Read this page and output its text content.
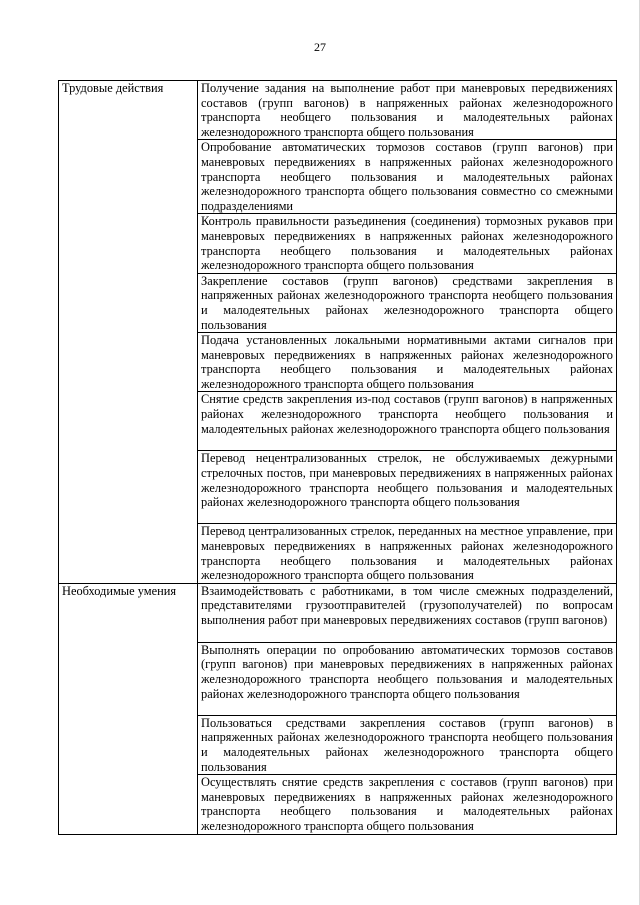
27
Трудовые действия	Получение задания на выполнение работ при маневровых передвижениях составов (групп вагонов) в напряженных районах железнодорожного транспорта необщего пользования и малодеятельных районах железнодорожного транспорта общего пользования
	Опробование автоматических тормозов составов (групп вагонов) при маневровых передвижениях в напряженных районах железнодорожного транспорта необщего пользования и малодеятельных районах железнодорожного транспорта общего пользования совместно со смежными подразделениями
	Контроль правильности разъединения (соединения) тормозных рукавов при маневровых передвижениях в напряженных районах железнодорожного транспорта необщего пользования и малодеятельных районах железнодорожного транспорта общего пользования
	Закрепление составов (групп вагонов) средствами закрепления в напряженных районах железнодорожного транспорта необщего пользования и малодеятельных районах железнодорожного транспорта общего пользования
	Подача установленных локальными нормативными актами сигналов при маневровых передвижениях в напряженных районах железнодорожного транспорта необщего пользования и малодеятельных районах железнодорожного транспорта общего пользования
	Снятие средств закрепления из-под составов (групп вагонов) в напряженных районах железнодорожного транспорта необщего пользования и малодеятельных районах железнодорожного транспорта общего пользования
	Перевод нецентрализованных стрелок, не обслуживаемых дежурными стрелочных постов, при маневровых передвижениях в напряженных районах железнодорожного транспорта необщего пользования и малодеятельных районах железнодорожного транспорта общего пользования
	Перевод централизованных стрелок, переданных на местное управление, при маневровых передвижениях в напряженных районах железнодорожного транспорта необщего пользования и малодеятельных районах железнодорожного транспорта общего пользования
Необходимые умения	Взаимодействовать с работниками, в том числе смежных подразделений, представителями грузоотправителей (грузополучателей) по вопросам выполнения работ при маневровых передвижениях составов (групп вагонов)
	Выполнять операции по опробованию автоматических тормозов составов (групп вагонов) при маневровых передвижениях в напряженных районах железнодорожного транспорта необщего пользования и малодеятельных районах железнодорожного транспорта общего пользования
	Пользоваться средствами закрепления составов (групп вагонов) в напряженных районах железнодорожного транспорта необщего пользования и малодеятельных районах железнодорожного транспорта общего пользования
	Осуществлять снятие средств закрепления с составов (групп вагонов) при маневровых передвижениях в напряженных районах железнодорожного транспорта необщего пользования и малодеятельных районах железнодорожного транспорта общего пользования
